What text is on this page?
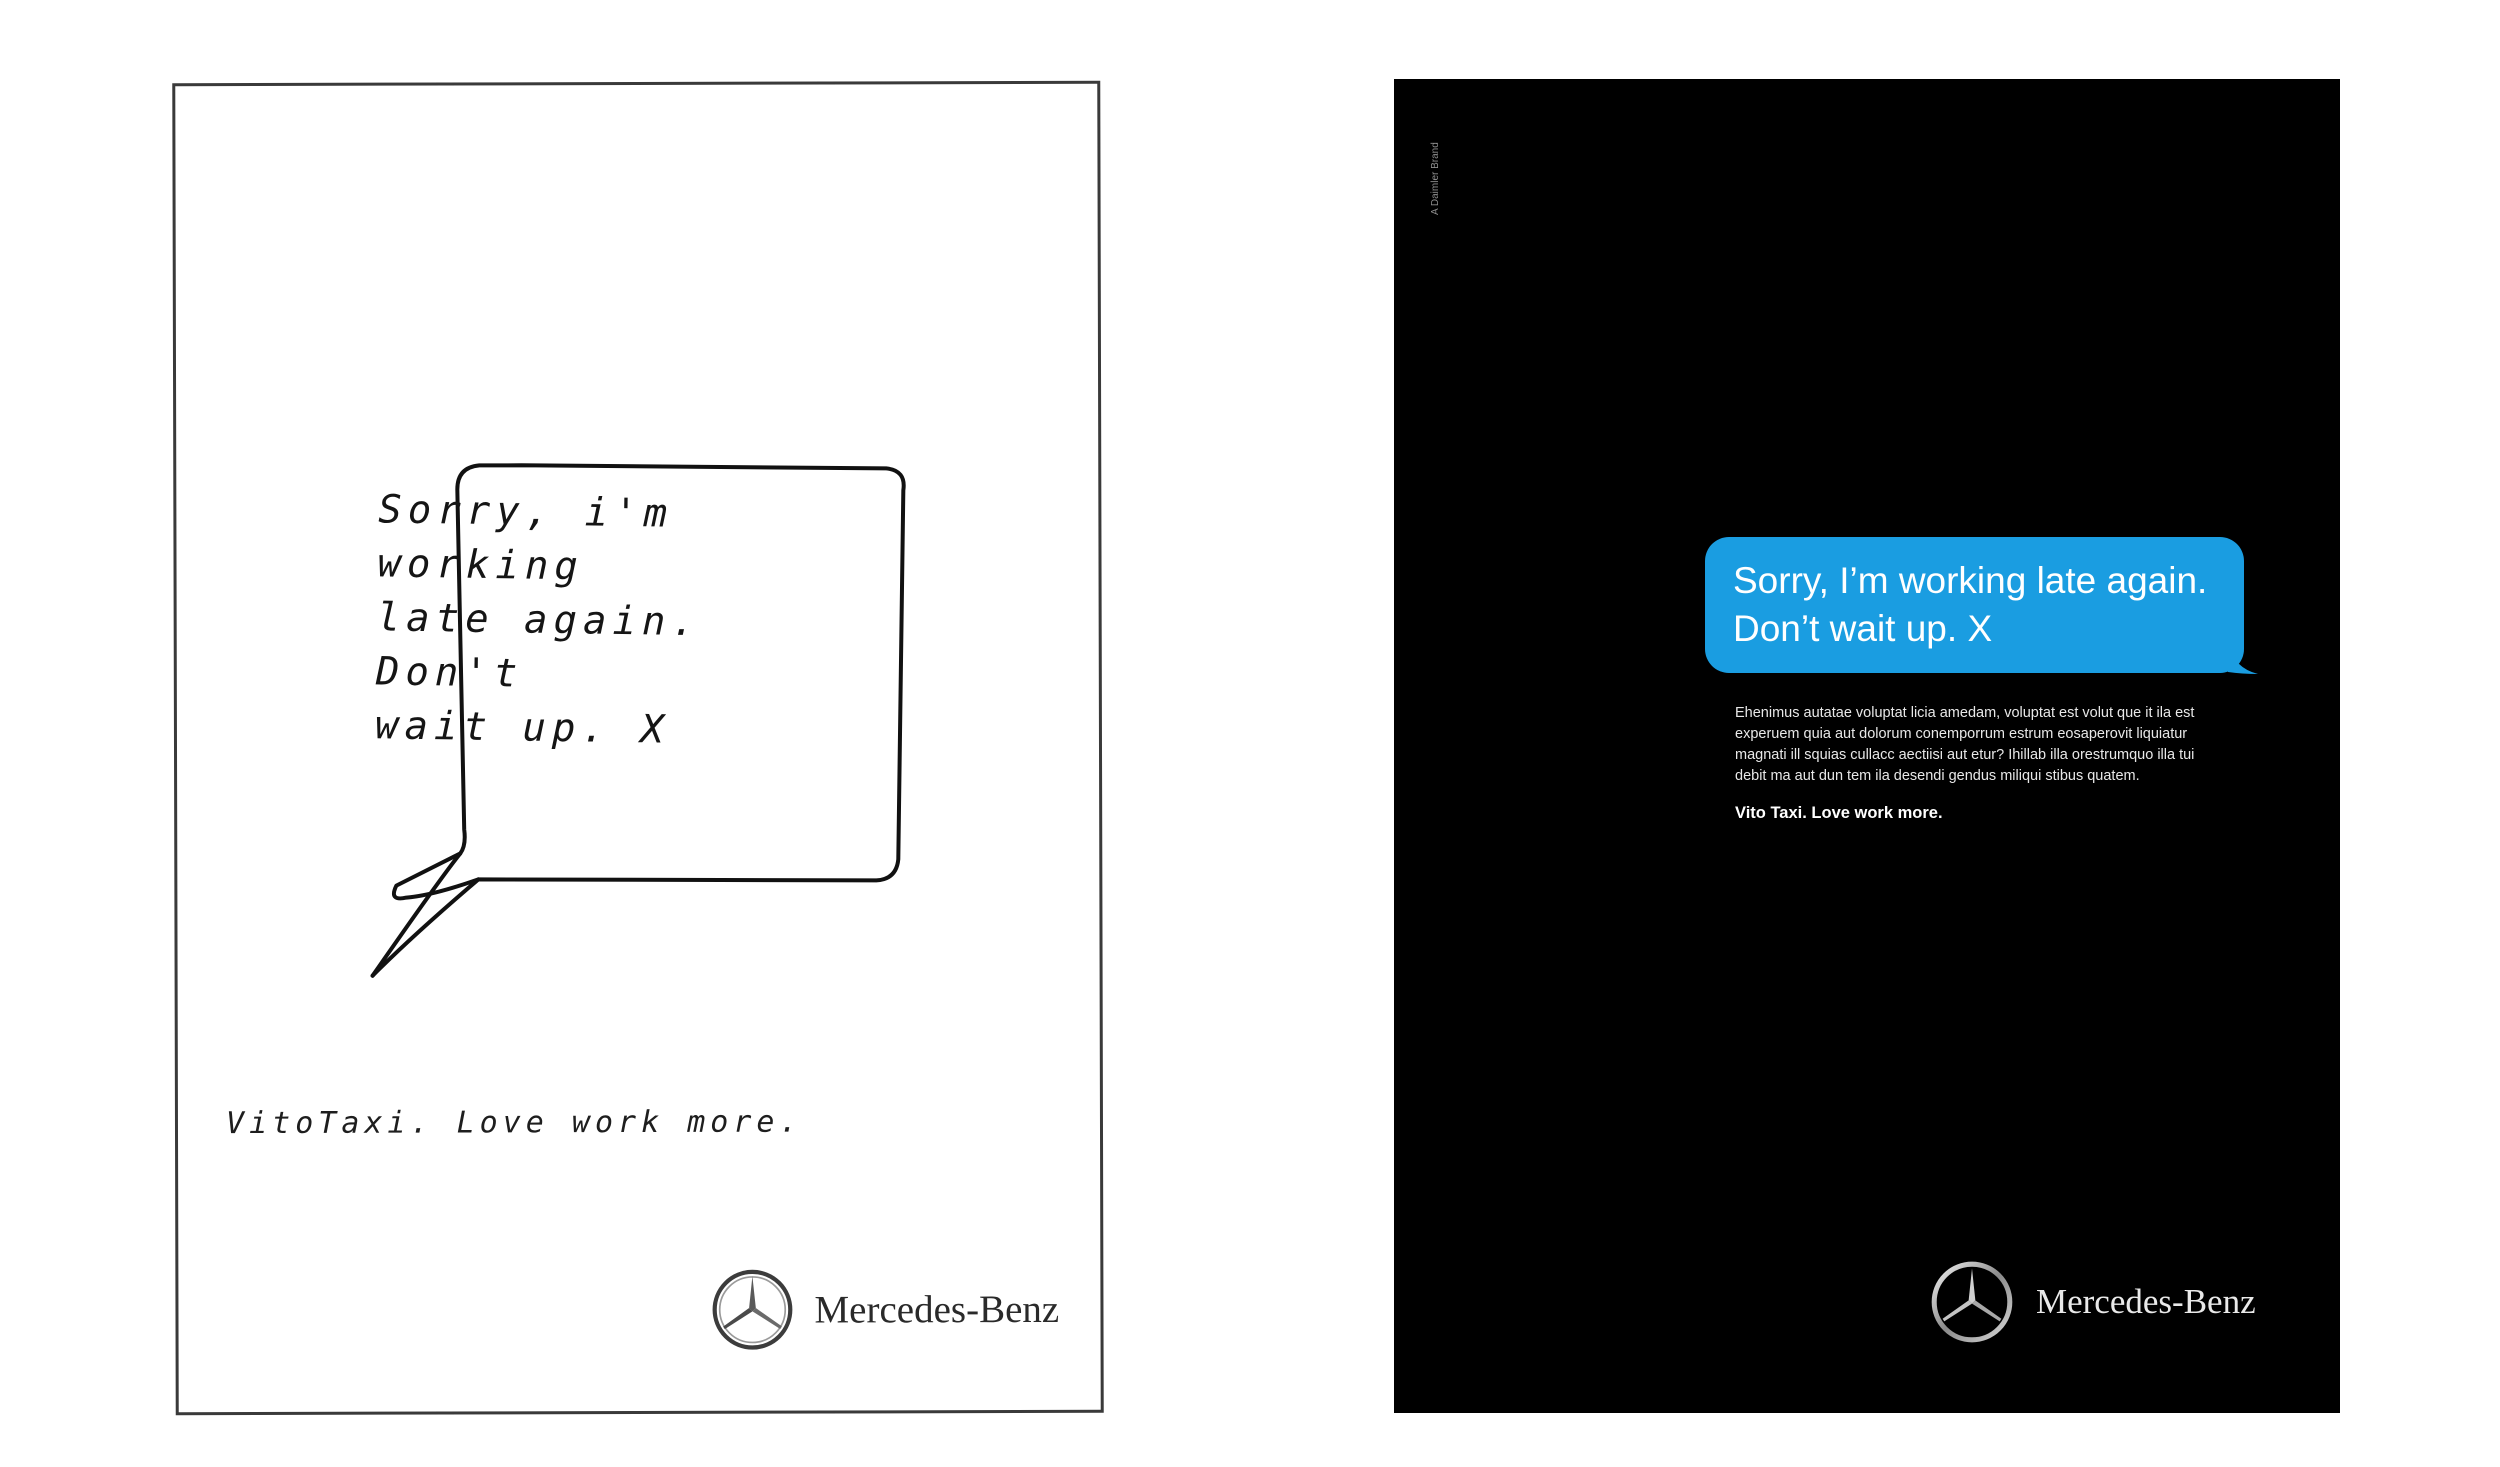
Sorry, i'm working
late again. Don't
wait up. X
VitoTaxi. Love work more.
Mercedes-Benz
A Daimler Brand
Sorry, I’m working late again.
Don’t wait up. X
Ehenimus autatae voluptat licia amedam, voluptat est volut que it ila est experuem quia aut dolorum conemporrum estrum eosaperovit liquiatur magnati ill squias cullacc aectiisi aut etur? Ihillab illa orestrumquo illa tui debit ma aut dun tem ila desendi gendus miliqui stibus quatem.
Vito Taxi. Love work more.
Mercedes-Benz
